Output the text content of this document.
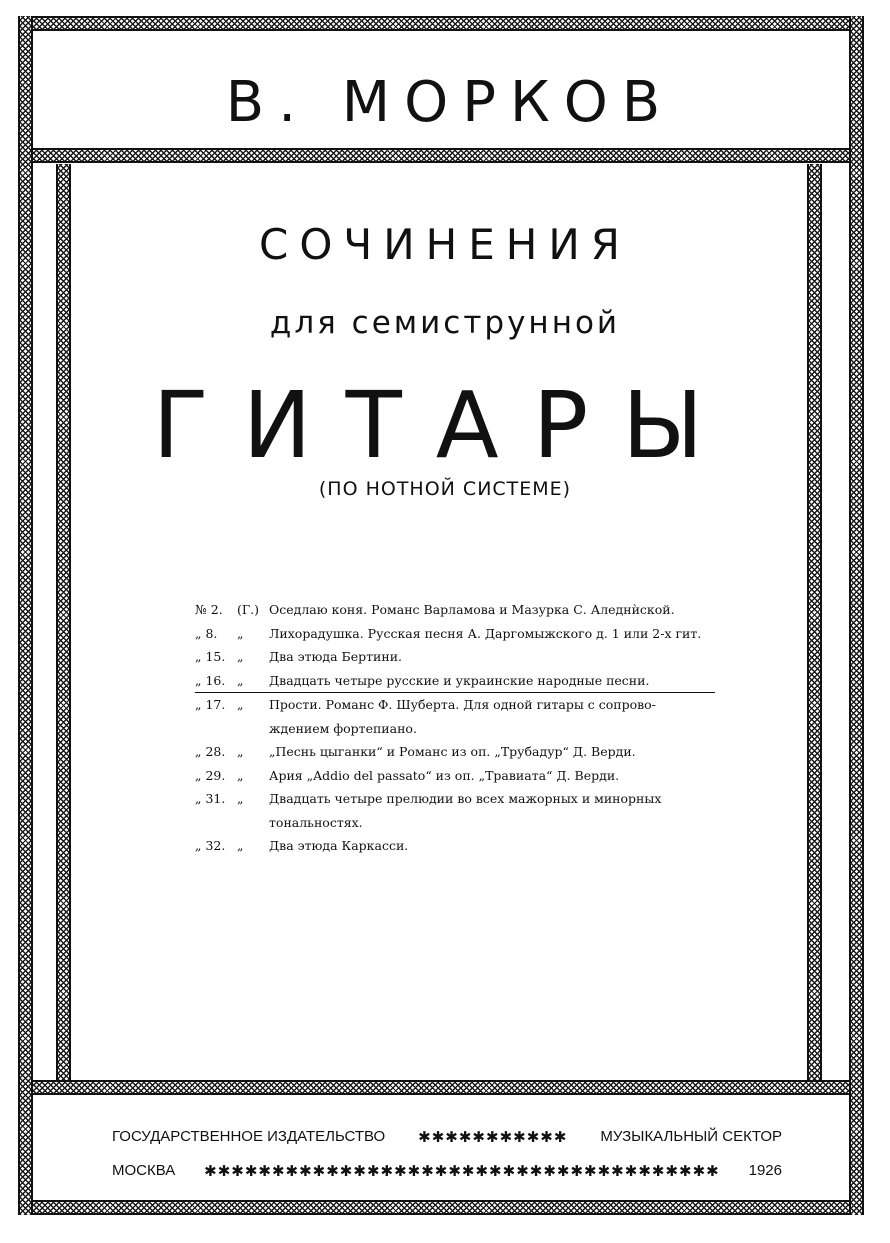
В. МОРКОВ
СОЧИНЕНИЯ
для семиструнной
ГИТАРЫ
(ПО НОТНОЙ СИСТЕМЕ)
№ 2.	(Г.) Оседлаю коня. Романс Варламова и Мазурка С. Аледнѝской.
„ 8.	„	Лихорадушка. Русская песня А. Даргомыжского д. 1 или 2-х гит.
„ 15. „	Два этюда Бертини.
„ 16. „	Двадцать четыре русские и украинские народные песни.
„ 17. „	Прости. Романс Ф. Шуберта. Для одной гитары с сопрово-
ждением фортепиано.
„ 28. „	„Песнь цыганки“ и Романс из оп. „Трубадур“ Д. Верди.
„ 29. „	Ария „Addio del passato“ из оп. „Травиата“ Д. Верди.
„ 31. „	Двадцать четыре прелюдии во всех мажорных и минорных
тональностях.
„ 32. „	Два этюда Каркасси.
ГОСУДАРСТВЕННОЕ ИЗДАТЕЛЬСТВО	✱✱✱✱✱✱✱✱✱✱✱	МУЗЫКАЛЬНЫЙ СЕКТОР
МОСКВА	✱✱✱✱✱✱✱✱✱✱✱✱✱✱✱✱✱✱✱✱✱✱✱✱✱✱✱✱✱✱✱✱✱✱✱✱✱✱	1926
